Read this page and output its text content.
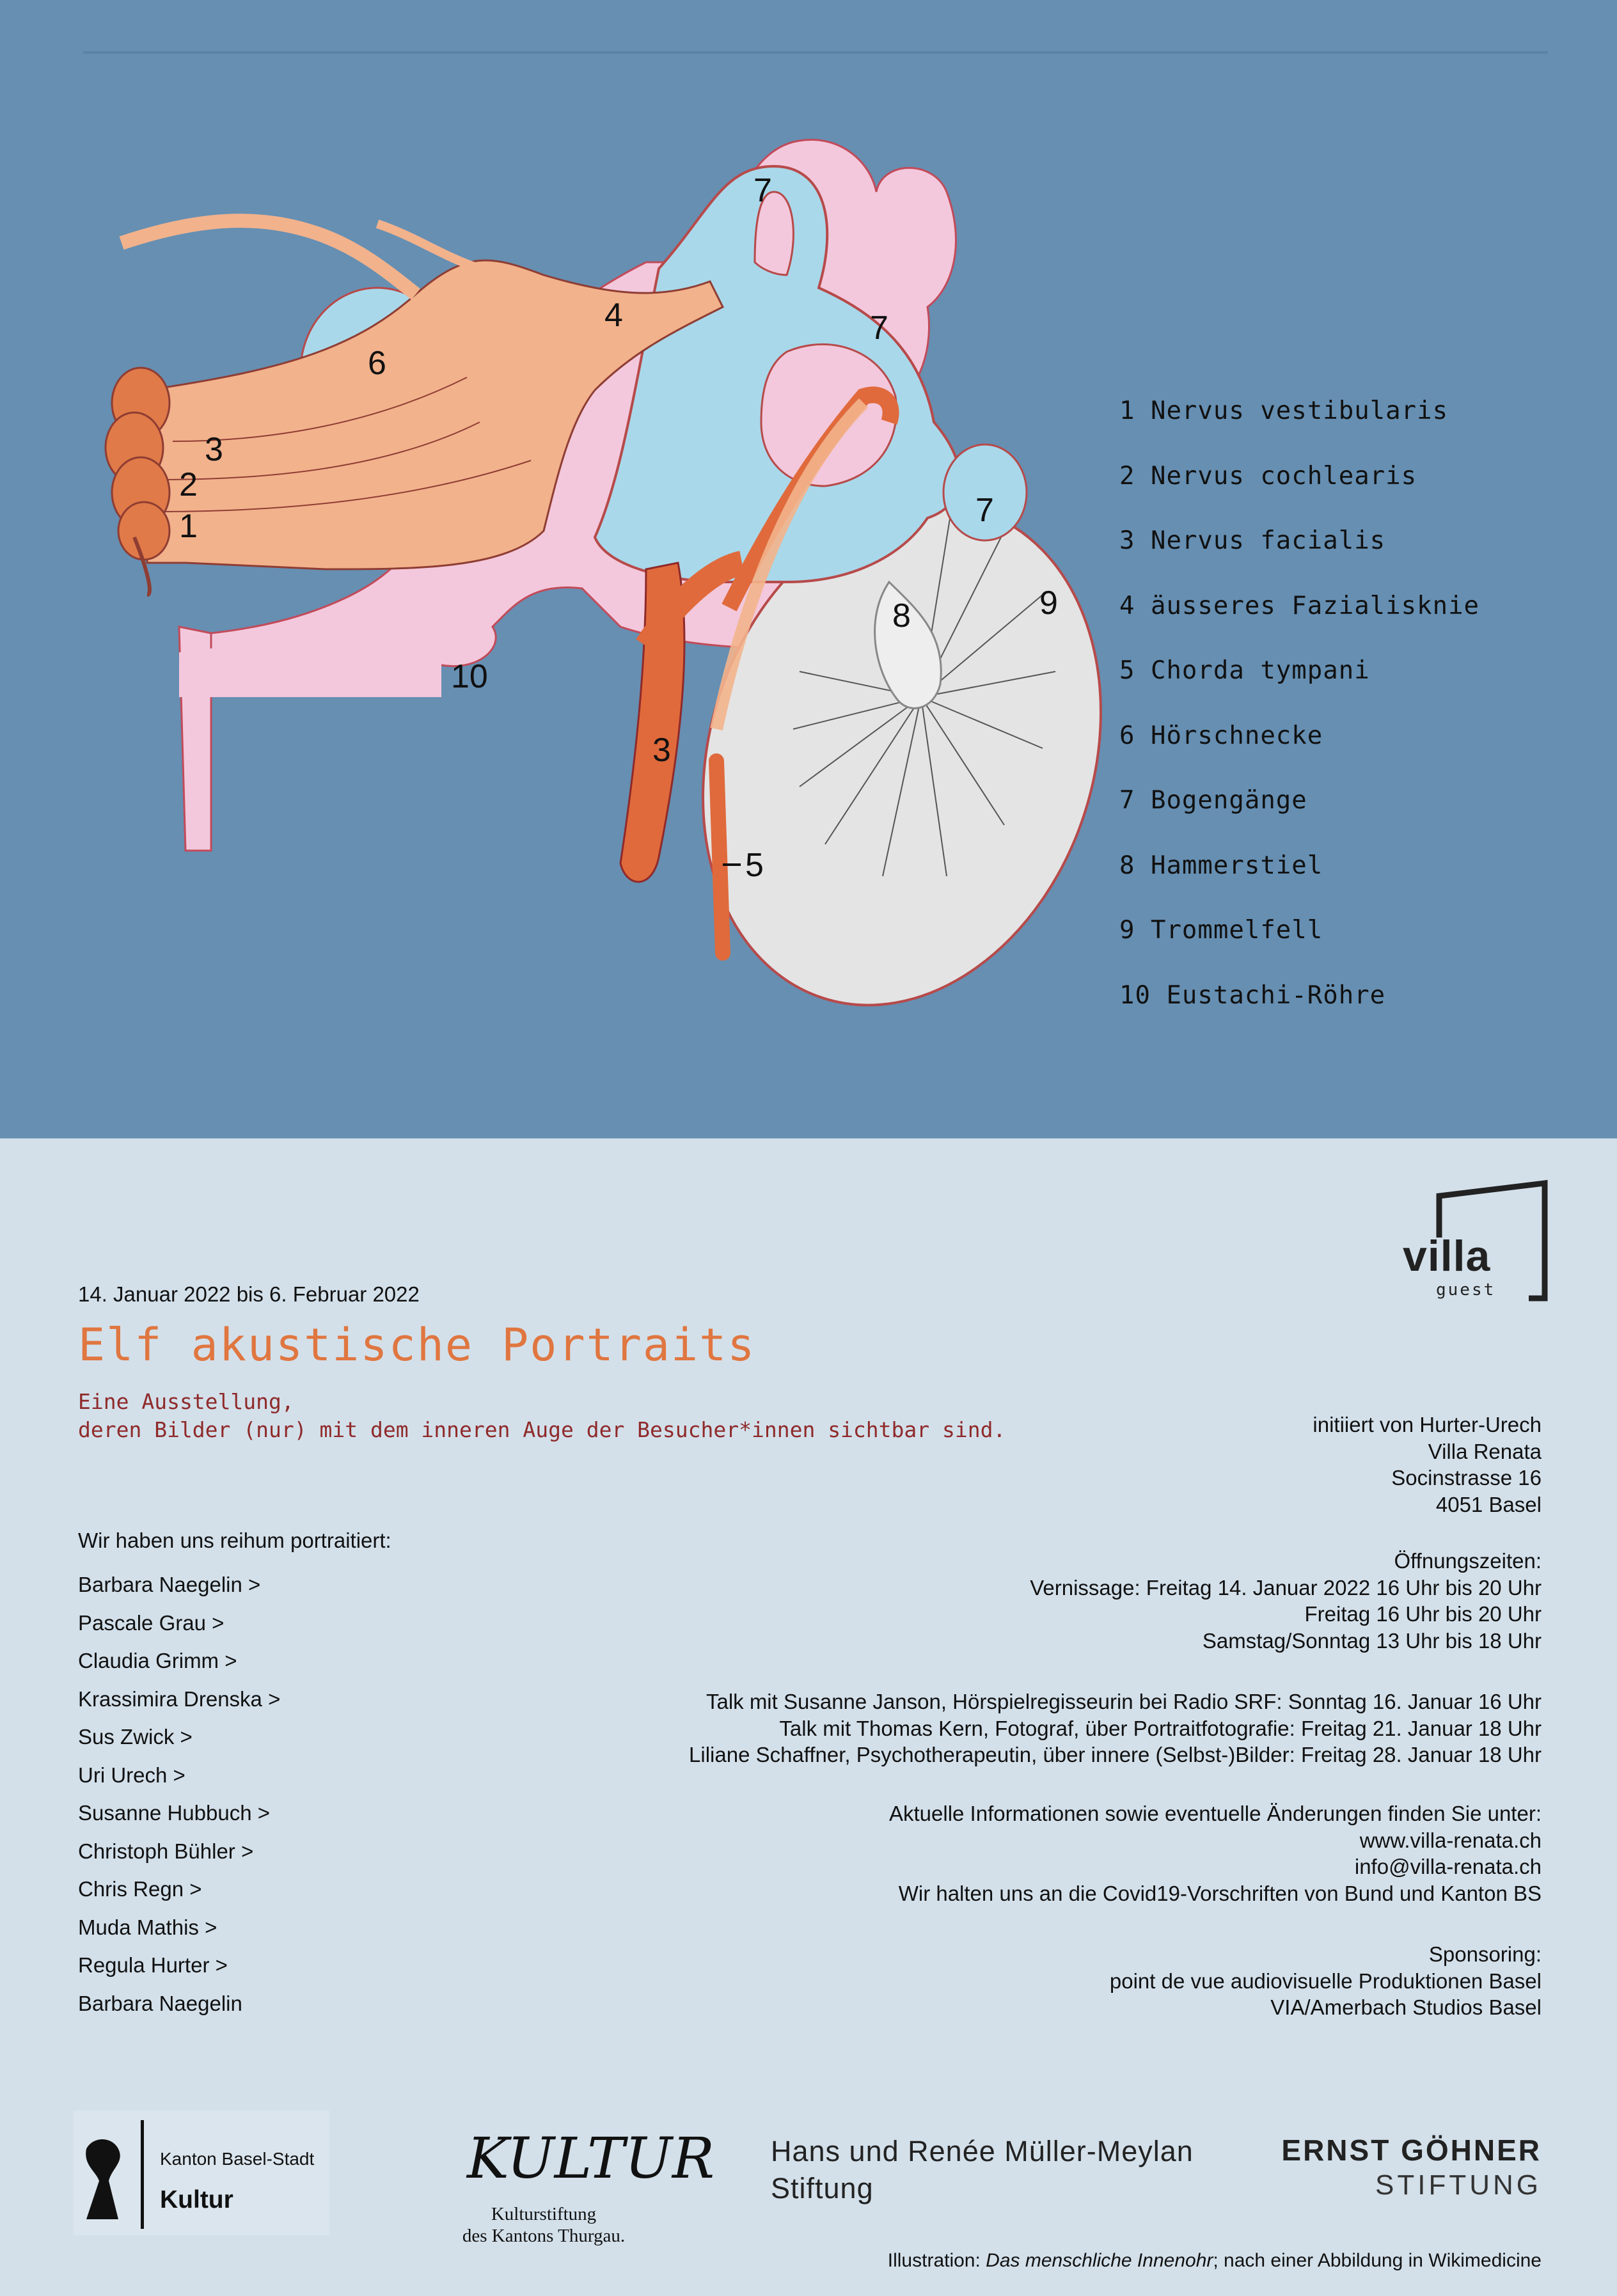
1
2
3
4
6
7
7
7
8	9
10
3
5
1 Nervus vestibularis
2 Nervus cochlearis
3 Nervus facialis
4 äusseres Fazialisknie
5 Chorda tympani
6 Hörschnecke
7 Bogengänge
8 Hammerstiel
9 Trommelfell
10 Eustachi-Röhre
villa
guest
14. Januar 2022 bis 6. Februar 2022
Elf akustische Portraits
Eine Ausstellung,
deren Bilder (nur) mit dem inneren Auge der Besucher*innen sichtbar sind.
Wir haben uns reihum portraitiert:
Barbara Naegelin >
Pascale Grau >
Claudia Grimm >
Krassimira Drenska >
Sus Zwick >
Uri Urech >
Susanne Hubbuch >
Christoph Bühler >
Chris Regn >
Muda Mathis >
Regula Hurter >
Barbara Naegelin
initiiert von Hurter-Urech
Villa Renata
Socinstrasse 16
4051 Basel
Öffnungszeiten:
Vernissage: Freitag 14. Januar 2022 16 Uhr bis 20 Uhr
Freitag 16 Uhr bis 20 Uhr
Samstag/Sonntag 13 Uhr bis 18 Uhr
Talk mit Susanne Janson, Hörspielregisseurin bei Radio SRF: Sonntag 16. Januar 16 Uhr
Talk mit Thomas Kern, Fotograf, über Portraitfotografie: Freitag 21. Januar 18 Uhr
Liliane Schaffner, Psychotherapeutin, über innere (Selbst-)Bilder: Freitag 28. Januar 18 Uhr
Aktuelle Informationen sowie eventuelle Änderungen finden Sie unter:
www.villa-renata.ch
info@villa-renata.ch
Wir halten uns an die Covid19-Vorschriften von Bund und Kanton BS
Sponsoring:
point de vue audiovisuelle Produktionen Basel
VIA/Amerbach Studios Basel
Kanton Basel-Stadt
Kultur
KULTUR
Kulturstiftung
des Kantons Thurgau.
Hans und Renée Müller-Meylan
Stiftung
ERNST GÖHNER
STIFTUNG
Illustration: Das menschliche Innenohr; nach einer Abbildung in Wikimedicine
